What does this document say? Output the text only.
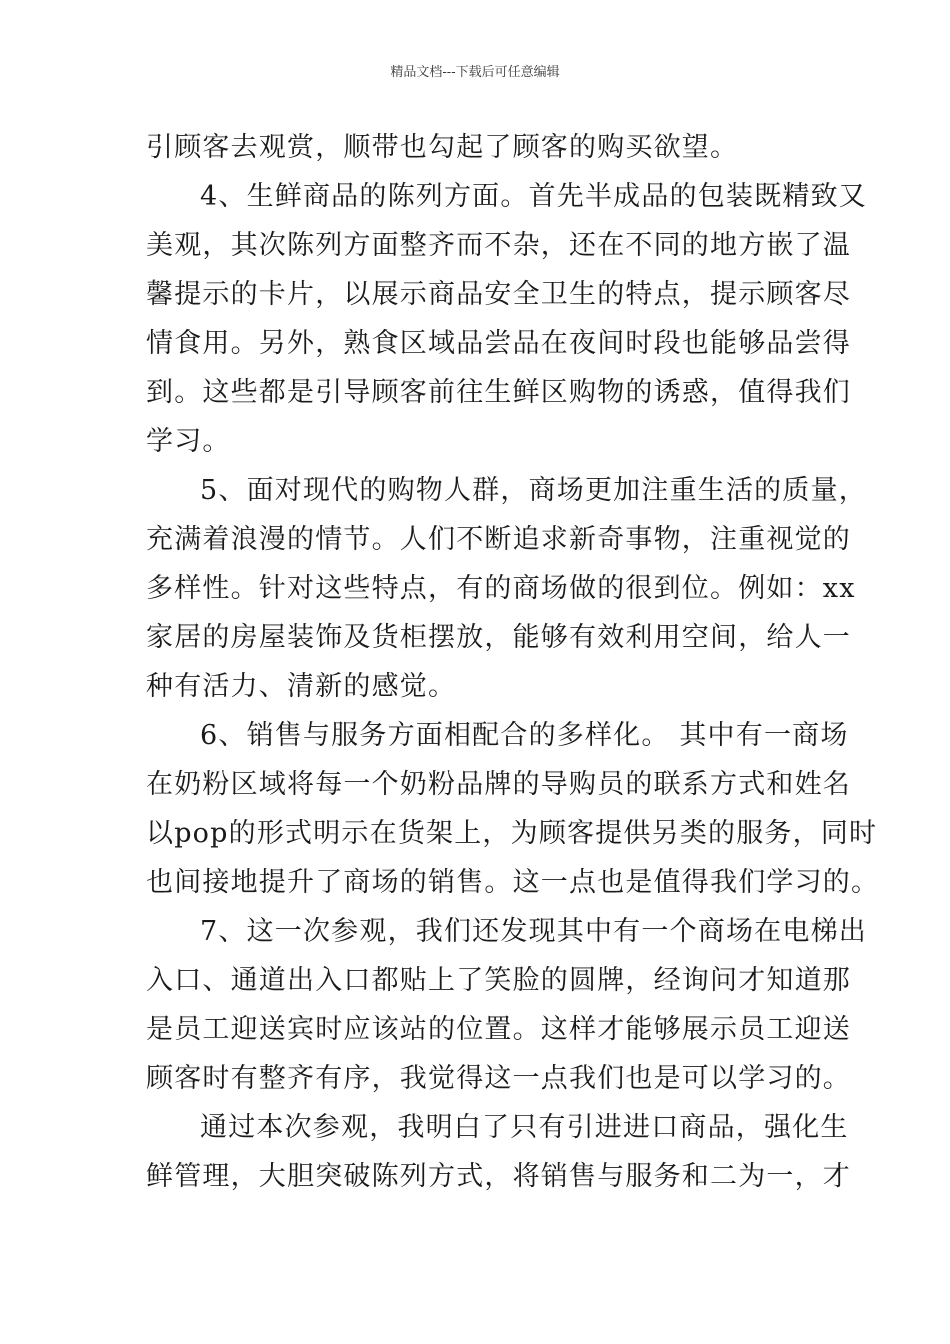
精品文档---下载后可任意编辑
引顾客去观赏，顺带也勾起了顾客的购买欲望。
4、生鲜商品的陈列方面。首先半成品的包装既精致又
美观，其次陈列方面整齐而不杂，还在不同的地方嵌了温
馨提示的卡片，以展示商品安全卫生的特点，提示顾客尽
情食用。另外，熟食区域品尝品在夜间时段也能够品尝得
到。这些都是引导顾客前往生鲜区购物的诱惑，值得我们
学习。
5、面对现代的购物人群，商场更加注重生活的质量，
充满着浪漫的情节。人们不断追求新奇事物，注重视觉的
多样性。针对这些特点，有的商场做的很到位。例如：xx
家居的房屋装饰及货柜摆放，能够有效利用空间，给人一
种有活力、清新的感觉。
6、销售与服务方面相配合的多样化。 其中有一商场
在奶粉区域将每一个奶粉品牌的导购员的联系方式和姓名
以pop的形式明示在货架上，为顾客提供另类的服务，同时
也间接地提升了商场的销售。这一点也是值得我们学习的。
7、这一次参观，我们还发现其中有一个商场在电梯出
入口、通道出入口都贴上了笑脸的圆牌，经询问才知道那
是员工迎送宾时应该站的位置。这样才能够展示员工迎送
顾客时有整齐有序，我觉得这一点我们也是可以学习的。
通过本次参观，我明白了只有引进进口商品，强化生
鲜管理，大胆突破陈列方式，将销售与服务和二为一，才
